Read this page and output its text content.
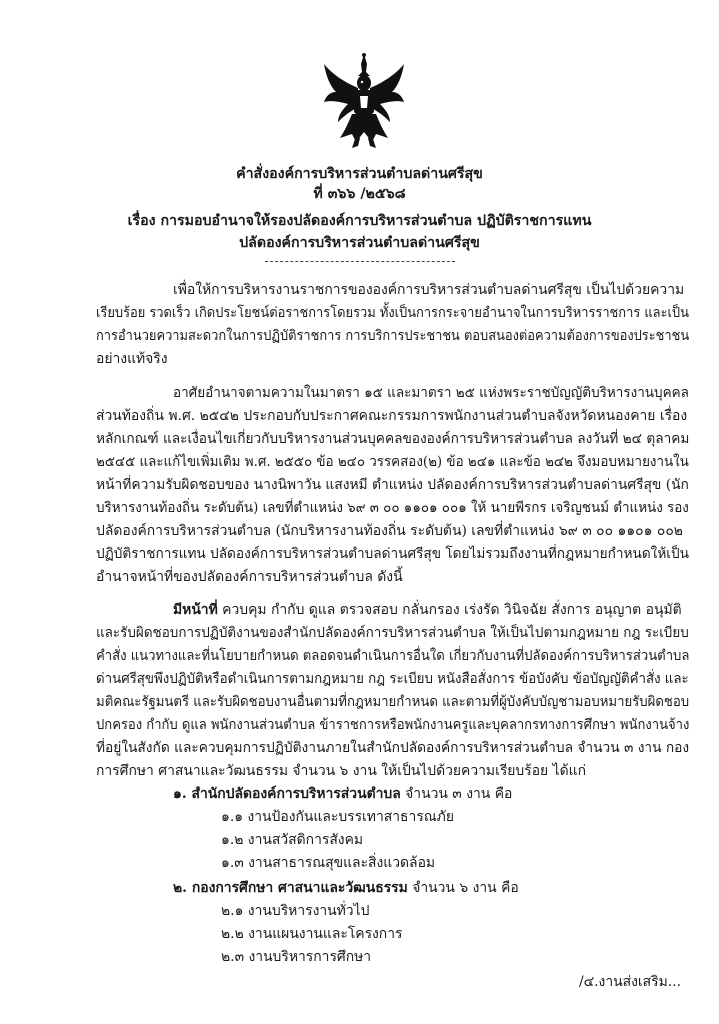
คำสั่งองค์การบริหารส่วนตำบลด่านศรีสุข
ที่ ๓๖๖ /๒๕๖๘
เรื่อง การมอบอำนาจให้รองปลัดองค์การบริหารส่วนตำบล ปฏิบัติราชการแทน
ปลัดองค์การบริหารส่วนตำบลด่านศรีสุข
เพื่อให้การบริหารงานราชการขององค์การบริหารส่วนตำบลด่านศรีสุข เป็นไปด้วยความ
เรียบร้อย รวดเร็ว เกิดประโยชน์ต่อราชการโดยรวม ทั้งเป็นการกระจายอำนาจในการบริหารราชการ และเป็น
การอำนวยความสะดวกในการปฏิบัติราชการ การบริการประชาชน ตอบสนองต่อความต้องการของประชาชน
อย่างแท้จริง
อาศัยอำนาจตามความในมาตรา ๑๕ และมาตรา ๒๕ แห่งพระราชบัญญัติบริหารงานบุคคล
ส่วนท้องถิ่น พ.ศ. ๒๕๔๒ ประกอบกับประกาศคณะกรรมการพนักงานส่วนตำบลจังหวัดหนองคาย เรื่อง
หลักเกณฑ์ และเงื่อนไขเกี่ยวกับบริหารงานส่วนบุคคลขององค์การบริหารส่วนตำบล ลงวันที่ ๒๔ ตุลาคม
๒๕๔๕ และแก้ไขเพิ่มเติม พ.ศ. ๒๕๕๐ ข้อ ๒๔๐ วรรคสอง(๒) ข้อ ๒๔๑ และข้อ ๒๔๒ จึงมอบหมายงานใน
หน้าที่ความรับผิดชอบของ นางนิพาวัน แสงหมี ตำแหน่ง ปลัดองค์การบริหารส่วนตำบลด่านศรีสุข (นัก
บริหารงานท้องถิ่น ระดับต้น) เลขที่ตำแหน่ง ๖๙ ๓ ๐๐ ๑๑๐๑ ๐๐๑ ให้ นายพีรกร เจริญชนม์ ตำแหน่ง รอง
ปลัดองค์การบริหารส่วนตำบล (นักบริหารงานท้องถิ่น ระดับต้น) เลขที่ตำแหน่ง ๖๙ ๓ ๐๐ ๑๑๐๑ ๐๐๒
ปฏิบัติราชการแทน ปลัดองค์การบริหารส่วนตำบลด่านศรีสุข โดยไม่รวมถึงงานที่กฎหมายกำหนดให้เป็น
อำนาจหน้าที่ของปลัดองค์การบริหารส่วนตำบล ดังนี้
มีหน้าที่ ควบคุม กำกับ ดูแล ตรวจสอบ กลั่นกรอง เร่งรัด วินิจฉัย สั่งการ อนุญาต อนุมัติ
และรับผิดชอบการปฏิบัติงานของสำนักปลัดองค์การบริหารส่วนตำบล ให้เป็นไปตามกฎหมาย กฎ ระเบียบ
คำสั่ง แนวทางและที่นโยบายกำหนด ตลอดจนดำเนินการอื่นใด เกี่ยวกับงานที่ปลัดองค์การบริหารส่วนตำบล
ด่านศรีสุขพึงปฏิบัติหรือดำเนินการตามกฎหมาย กฎ ระเบียบ หนังสือสั่งการ ข้อบังคับ ข้อบัญญัติคำสั่ง และ
มติคณะรัฐมนตรี และรับผิดชอบงานอื่นตามที่กฎหมายกำหนด และตามที่ผู้บังคับบัญชามอบหมายรับผิดชอบ
ปกครอง กำกับ ดูแล พนักงานส่วนตำบล ข้าราชการหรือพนักงานครูและบุคลากรทางการศึกษา พนักงานจ้าง
ที่อยู่ในสังกัด และควบคุมการปฏิบัติงานภายในสำนักปลัดองค์การบริหารส่วนตำบล จำนวน ๓ งาน กอง
การศึกษา ศาสนาและวัฒนธรรม จำนวน ๖ งาน ให้เป็นไปด้วยความเรียบร้อย ได้แก่
๑. สำนักปลัดองค์การบริหารส่วนตำบล จำนวน ๓ งาน คือ
๑.๑ งานป้องกันและบรรเทาสาธารณภัย
๑.๒ งานสวัสดิการสังคม
๑.๓ งานสาธารณสุขและสิ่งแวดล้อม
๒. กองการศึกษา ศาสนาและวัฒนธรรม จำนวน ๖ งาน คือ
๒.๑ งานบริหารงานทั่วไป
๒.๒ งานแผนงานและโครงการ
๒.๓ งานบริหารการศึกษา
/๔.งานส่งเสริม...
